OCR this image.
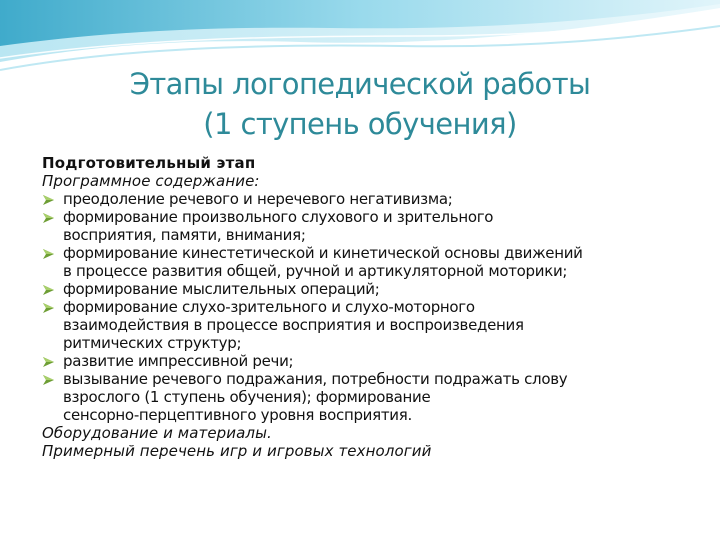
Этапы логопедической работы
(1 ступень обучения)
Подготовительный этап
Программное содержание:
преодоление речевого и неречевого негативизма;
формирование произвольного слухового и зрительного
восприятия, памяти, внимания;
формирование кинестетической и кинетической основы движений
в процессе развития общей, ручной и артикуляторной моторики;
формирование мыслительных операций;
формирование слухо-зрительного и слухо-моторного
взаимодействия в процессе восприятия и воспроизведения
ритмических структур;
развитие импрессивной речи;
вызывание речевого подражания, потребности подражать слову
взрослого (1 ступень обучения); формирование
сенсорно-перцептивного уровня восприятия.
Оборудование и материалы.
Примерный перечень игр и игровых технологий
